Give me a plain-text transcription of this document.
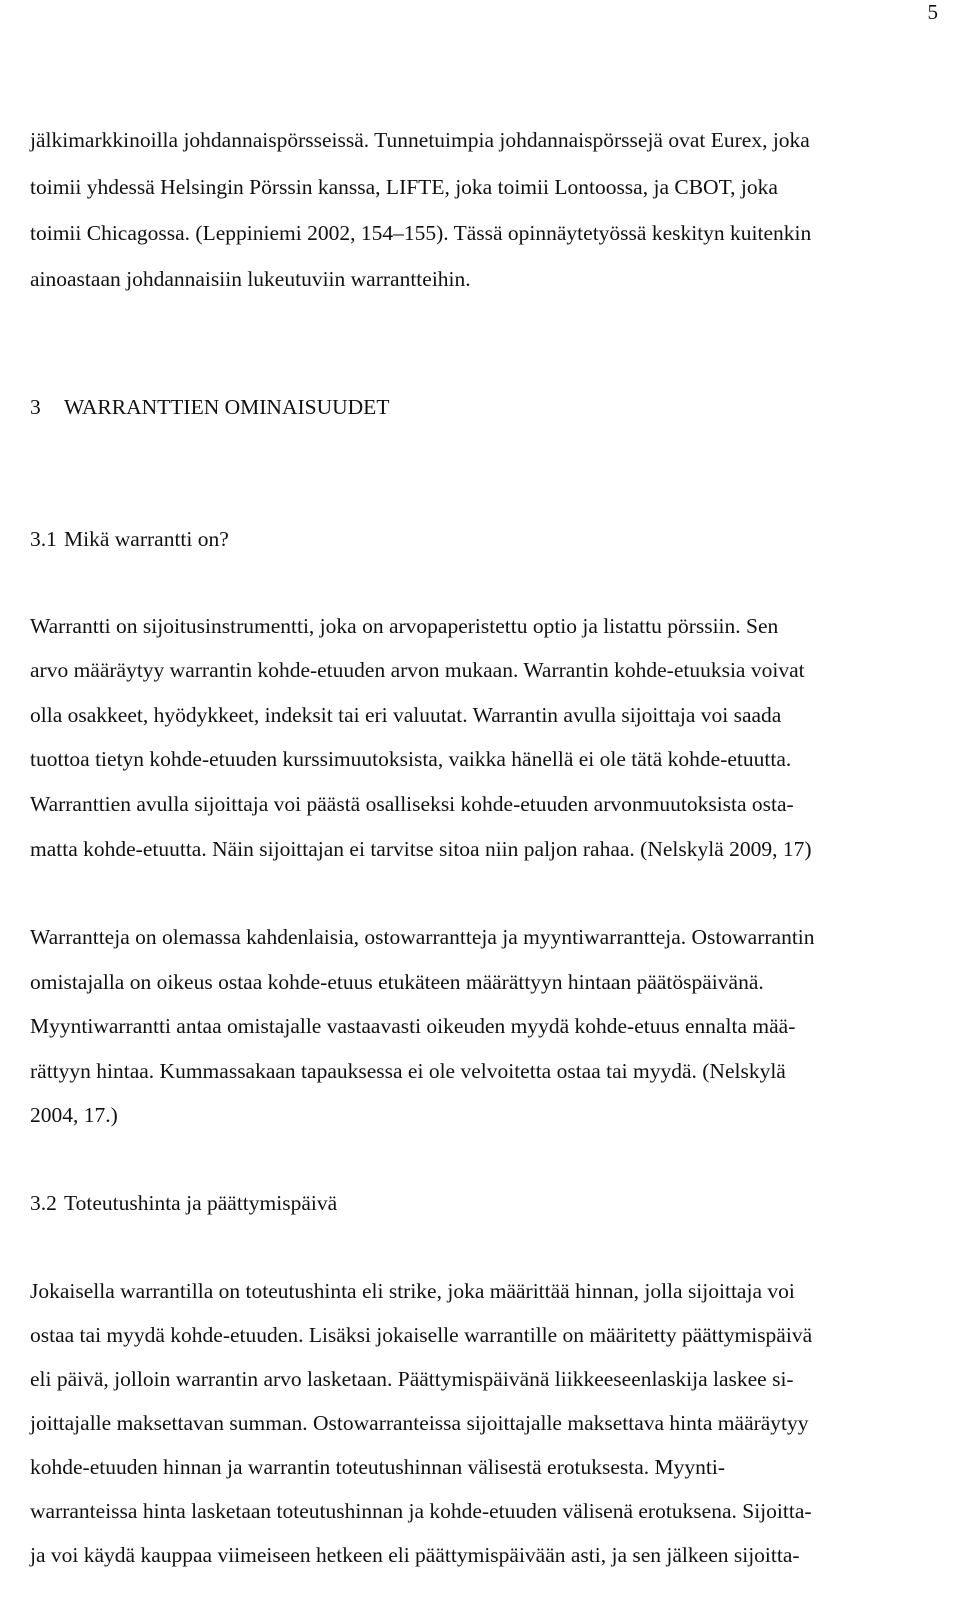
5
jälkimarkkinoilla johdannaispörsseissä. Tunnetuimpia johdannaispörssejä ovat Eurex, joka
toimii yhdessä Helsingin Pörssin kanssa, LIFTE, joka toimii Lontoossa, ja CBOT, joka
toimii Chicagossa. (Leppiniemi 2002, 154–155). Tässä opinnäytetyössä keskityn kuitenkin
ainoastaan johdannaisiin lukeutuviin warrantteihin.
3 WARRANTTIEN OMINAISUUDET
3.1 Mikä warrantti on?
Warrantti on sijoitusinstrumentti, joka on arvopaperistettu optio ja listattu pörssiin. Sen
arvo määräytyy warrantin kohde-etuuden arvon mukaan. Warrantin kohde-etuuksia voivat
olla osakkeet, hyödykkeet, indeksit tai eri valuutat. Warrantin avulla sijoittaja voi saada
tuottoa tietyn kohde-etuuden kurssimuutoksista, vaikka hänellä ei ole tätä kohde-etuutta.
Warranttien avulla sijoittaja voi päästä osalliseksi kohde-etuuden arvonmuutoksista osta-
matta kohde-etuutta. Näin sijoittajan ei tarvitse sitoa niin paljon rahaa. (Nelskylä 2009, 17)
Warrantteja on olemassa kahdenlaisia, ostowarrantteja ja myyntiwarrantteja. Ostowarrantin
omistajalla on oikeus ostaa kohde-etuus etukäteen määrättyyn hintaan päätöspäivänä.
Myyntiwarrantti antaa omistajalle vastaavasti oikeuden myydä kohde-etuus ennalta mää-
rättyyn hintaa. Kummassakaan tapauksessa ei ole velvoitetta ostaa tai myydä. (Nelskylä
2004, 17.)
3.2 Toteutushinta ja päättymispäivä
Jokaisella warrantilla on toteutushinta eli strike, joka määrittää hinnan, jolla sijoittaja voi
ostaa tai myydä kohde-etuuden. Lisäksi jokaiselle warrantille on määritetty päättymispäivä
eli päivä, jolloin warrantin arvo lasketaan. Päättymispäivänä liikkeeseenlaskija laskee si-
joittajalle maksettavan summan. Ostowarranteissa sijoittajalle maksettava hinta määräytyy
kohde-etuuden hinnan ja warrantin toteutushinnan välisestä erotuksesta. Myynti-
warranteissa hinta lasketaan toteutushinnan ja kohde-etuuden välisenä erotuksena. Sijoitta-
ja voi käydä kauppaa viimeiseen hetkeen eli päättymispäivään asti, ja sen jälkeen sijoitta-
